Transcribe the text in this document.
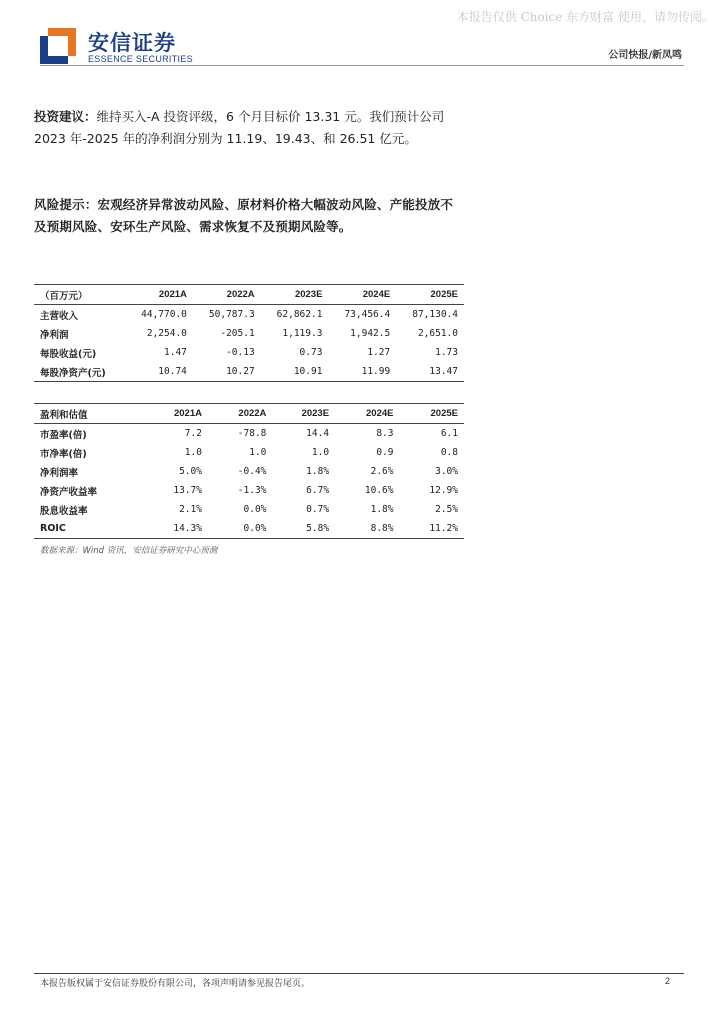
本报告仅供 Choice 东方财富 使用，请勿传阅。
安信证券
ESSENCE SECURITIES	公司快报/新凤鸣
投资建议：维持买入-A 投资评级，6 个月目标价 13.31 元。我们预计公司 2023 年-2025 年的净利润分别为 11.19、19.43、和 26.51 亿元。
风险提示：宏观经济异常波动风险、原材料价格大幅波动风险、产能投放不及预期风险、安环生产风险、需求恢复不及预期风险等。
（百万元）	2021A	2022A	2023E	2024E	2025E
主营收入	44,770.0	50,787.3	62,862.1	73,456.4	87,130.4
净利润	2,254.0	-205.1	1,119.3	1,942.5	2,651.0
每股收益(元)	1.47	-0.13	0.73	1.27	1.73
每股净资产(元)	10.74	10.27	10.91	11.99	13.47
盈利和估值	2021A	2022A	2023E	2024E	2025E
市盈率(倍)	7.2	-78.8	14.4	8.3	6.1
市净率(倍)	1.0	1.0	1.0	0.9	0.8
净利润率	5.0%	-0.4%	1.8%	2.6%	3.0%
净资产收益率	13.7%	-1.3%	6.7%	10.6%	12.9%
股息收益率	2.1%	0.0%	0.7%	1.8%	2.5%
ROIC	14.3%	0.0%	5.8%	8.8%	11.2%
数据来源：Wind 资讯，安信证券研究中心预测
本报告版权属于安信证券股份有限公司，各项声明请参见报告尾页。	2
